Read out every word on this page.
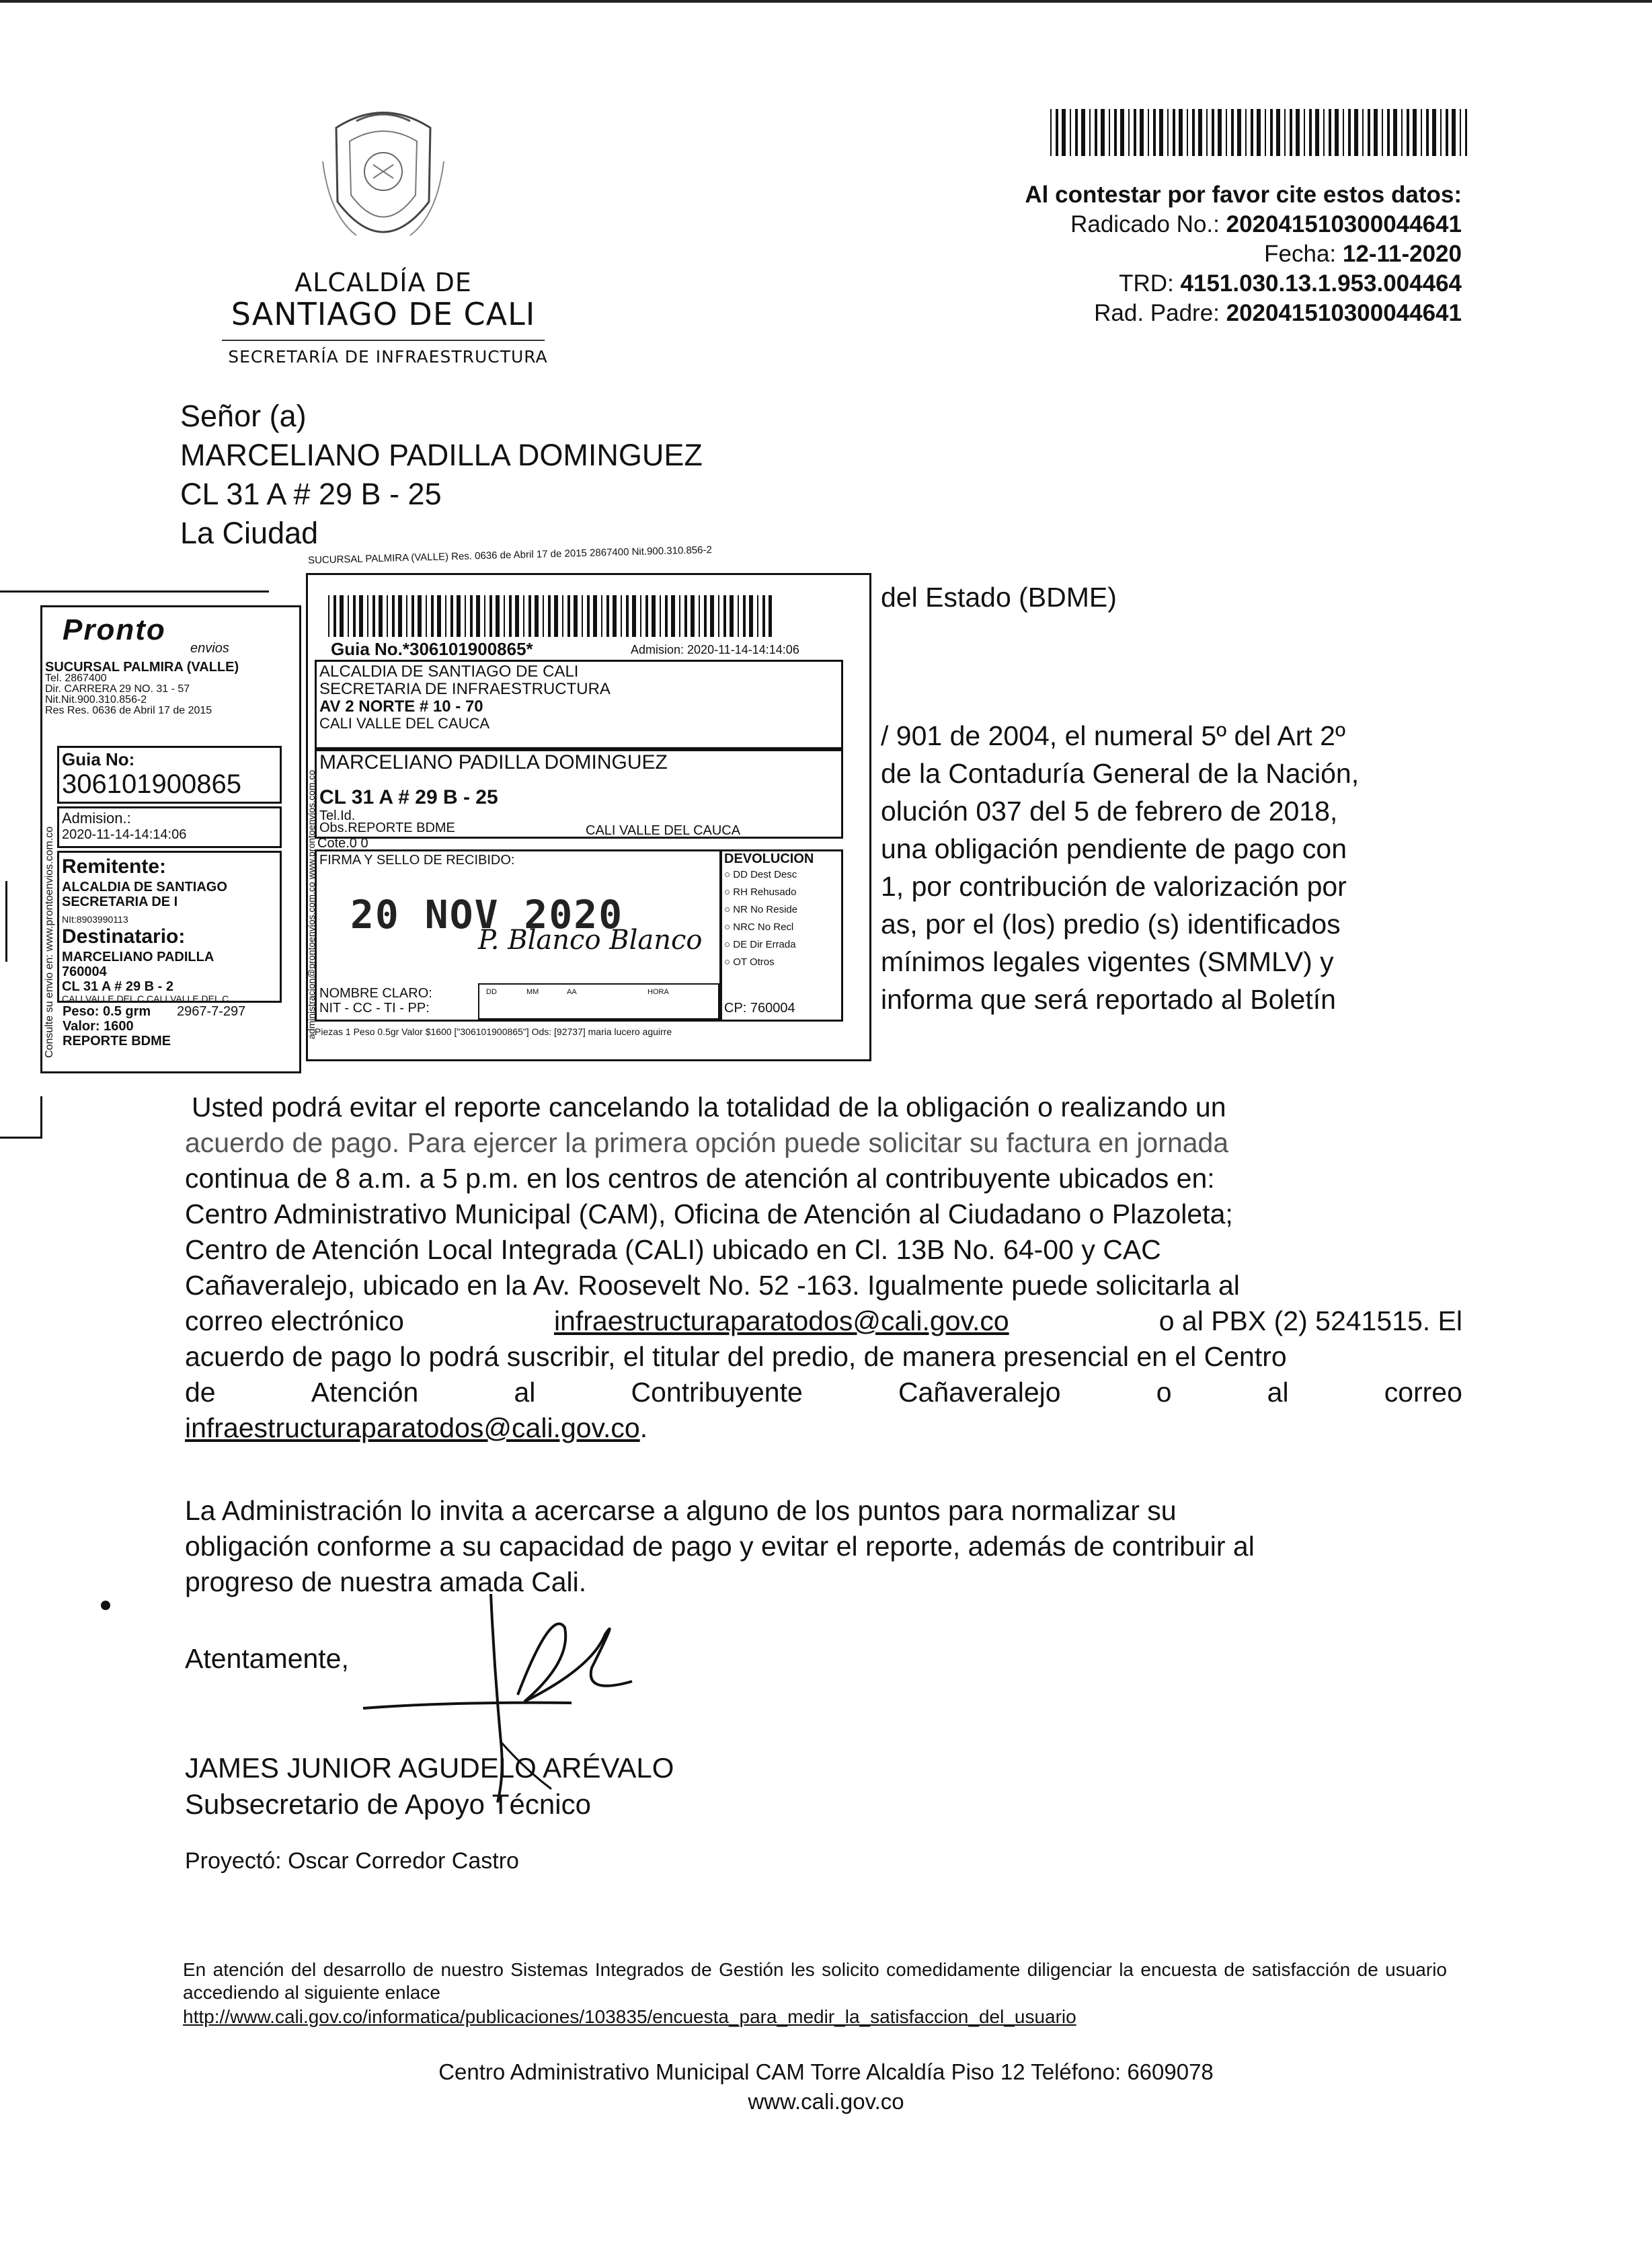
ALCALDÍA DE
SANTIAGO DE CALI
SECRETARÍA DE INFRAESTRUCTURA
Al contestar por favor cite estos datos:
Radicado No.: 202041510300044641
Fecha: 12-11-2020
TRD: 4151.030.13.1.953.004464
Rad. Padre: 202041510300044641
Señor (a)
MARCELIANO PADILLA DOMINGUEZ
CL 31 A # 29 B - 25
La Ciudad
del Estado (BDME)
/ 901 de 2004, el numeral 5º del Art 2º
de la Contaduría General de la Nación,
olución 037 del 5 de febrero de 2018,
una obligación pendiente de pago con
1, por contribución de valorización por
as, por el (los) predio (s) identificados
mínimos legales vigentes (SMMLV) y
informa que será reportado al Boletín
Usted podrá evitar el reporte cancelando la totalidad de la obligación o realizando un
acuerdo de pago. Para ejercer la primera opción puede solicitar su factura en jornada
continua de 8 a.m. a 5 p.m. en los centros de atención al contribuyente ubicados en:
Centro Administrativo Municipal (CAM), Oficina de Atención al Ciudadano o Plazoleta;
Centro de Atención Local Integrada (CALI) ubicado en Cl. 13B No. 64-00 y CAC
Cañaveralejo, ubicado en la Av. Roosevelt No. 52 -163. Igualmente puede solicitarla al
correo electrónico	infraestructuraparatodos@cali.gov.co	o al PBX (2) 5241515. El
acuerdo de pago lo podrá suscribir, el titular del predio, de manera presencial en el Centro
de	Atención	al	Contribuyente	Cañaveralejo	o	al	correo
infraestructuraparatodos@cali.gov.co.
La Administración lo invita a acercarse a alguno de los puntos para normalizar su
obligación conforme a su capacidad de pago y evitar el reporte, además de contribuir al
progreso de nuestra amada Cali.
Atentamente,
JAMES JUNIOR AGUDELO ARÉVALO
Subsecretario de Apoyo Técnico
Proyectó: Oscar Corredor Castro
En atención del desarrollo de nuestro Sistemas Integrados de Gestión les solicito comedidamente diligenciar la encuesta de satisfacción de usuario accediendo al siguiente enlace
http://www.cali.gov.co/informatica/publicaciones/103835/encuesta_para_medir_la_satisfaccion_del_usuario
Centro Administrativo Municipal CAM Torre Alcaldía Piso 12 Teléfono: 6609078
www.cali.gov.co
Pronto
envios
SUCURSAL PALMIRA (VALLE)
Tel. 2867400
Dir. CARRERA 29 NO. 31 - 57
Nit.Nit.900.310.856-2
Res Res. 0636 de Abril 17 de 2015
Guia No:
306101900865
Admision.:
2020-11-14-14:14:06
Remitente:
ALCALDIA DE SANTIAGO
SECRETARIA DE I
NIt:8903990113
Destinatario:
MARCELIANO PADILLA
760004
CL 31 A # 29 B - 2
CALI VALLE DEL C CALI VALLE DEL C
Peso: 0.5 grm 2967-7-297
Valor: 1600
REPORTE BDME
Consulte su envio en: www.prontoenvios.com.co
SUCURSAL PALMIRA (VALLE) Res. 0636 de Abril 17 de 2015 2867400 Nit.900.310.856-2
Guia No.*306101900865*	Admision: 2020-11-14-14:14:06
ALCALDIA DE SANTIAGO DE CALI
SECRETARIA DE INFRAESTRUCTURA
AV 2 NORTE # 10 - 70
CALI VALLE DEL CAUCA
MARCELIANO PADILLA DOMINGUEZ
CL 31 A # 29 B - 25
Tel.Id.
Obs.REPORTE BDME	CALI VALLE DEL CAUCA
Cote.0 0
FIRMA Y SELLO DE RECIBIDO:
20 NOV 2020
P. Blanco Blanco
NOMBRE CLARO:
NIT - CC - TI - PP:
DD	MM	AA	HORA
DEVOLUCION
○ DD Dest Desc
○ RH Rehusado
○ NR No Reside
○ NRC No Recl
○ DE Dir Errada
○ OT Otros
CP: 760004
Piezas 1 Peso 0.5gr Valor $1600 ["306101900865"] Ods: [92737] maria lucero aguirre
administracion@prontoenvios.com.co www.prontoenvios.com.co
